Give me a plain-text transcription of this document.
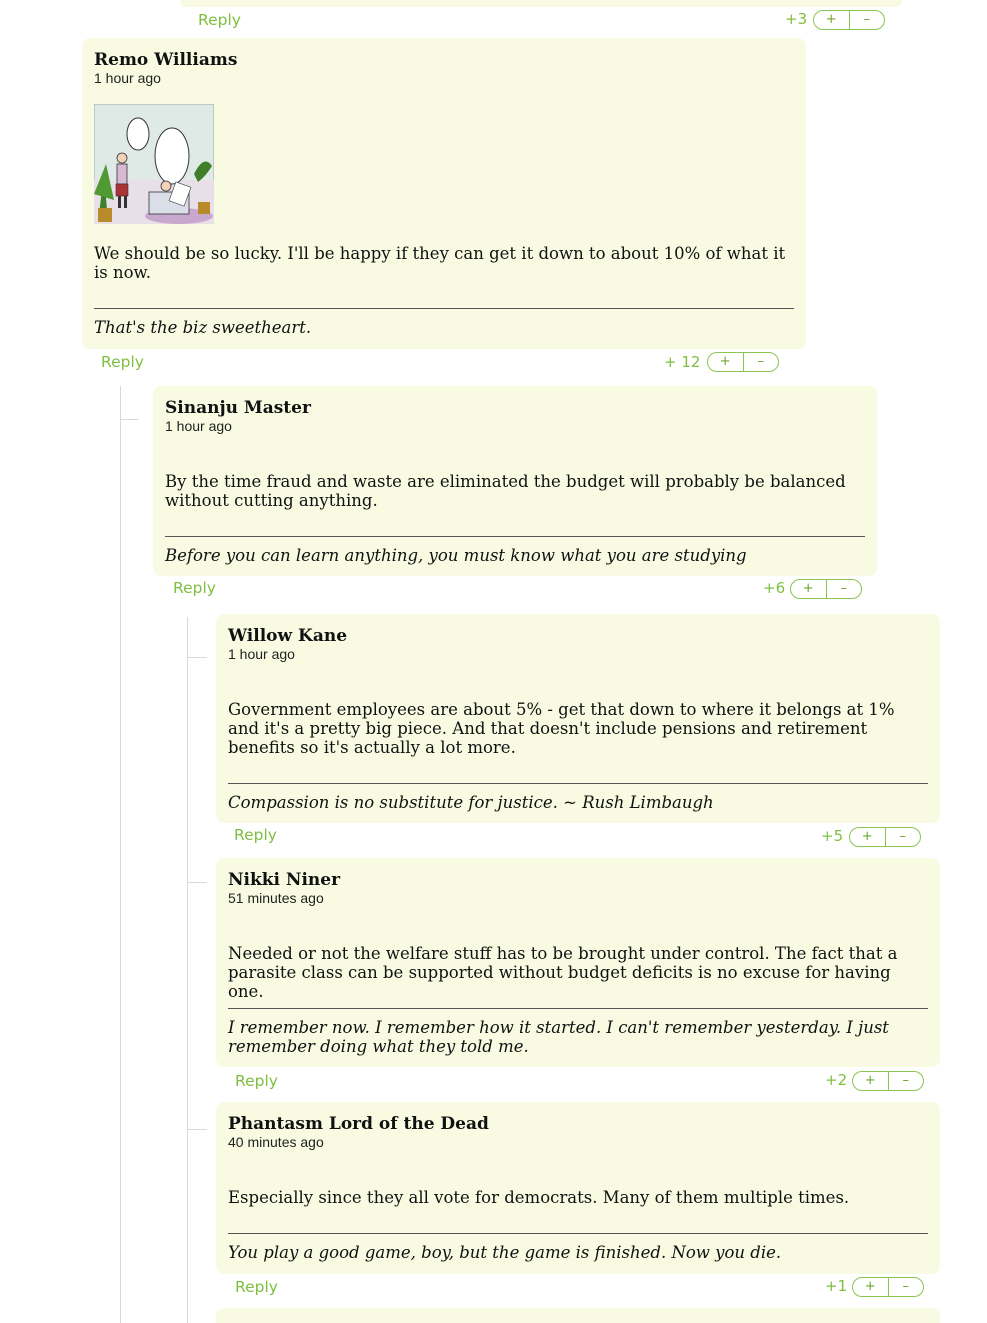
Reply	+3	+	–
Remo Williams
1 hour ago
We should be so lucky. I'll be happy if they can get it down to about 10% of what it is now.
That's the biz sweetheart.
Reply	+ 12	+	–
Sinanju Master
1 hour ago
By the time fraud and waste are eliminated the budget will probably be balanced without cutting anything.
Before you can learn anything, you must know what you are studying
Reply	+6	+	–
Willow Kane
1 hour ago
Government employees are about 5% - get that down to where it belongs at 1% and it's a pretty big piece. And that doesn't include pensions and retirement benefits so it's actually a lot more.
Compassion is no substitute for justice. ~ Rush Limbaugh
Reply	+5	+	–
Nikki Niner
51 minutes ago
Needed or not the welfare stuff has to be brought under control. The fact that a parasite class can be supported without budget deficits is no excuse for having one.
I remember now. I remember how it started. I can't remember yesterday. I just remember doing what they told me.
Reply	+2	+	–
Phantasm Lord of the Dead
40 minutes ago
Especially since they all vote for democrats. Many of them multiple times.
You play a good game, boy, but the game is finished. Now you die.
Reply	+1	+	–
